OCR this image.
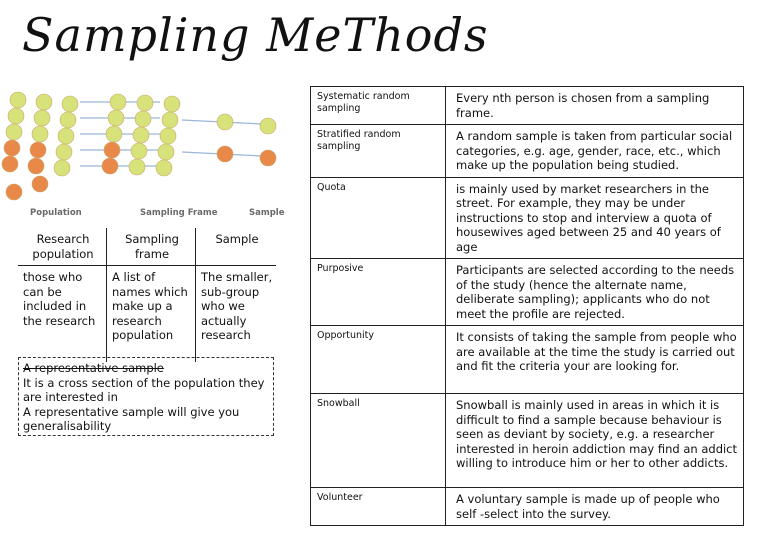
Sampling MeThods
Population	Sampling Frame	Sample
Research population	Sampling frame	Sample
those who can be included in the research	A list of names which make up a research population	The smaller, sub-group who we actually research
A representative sample
It is a cross section of the population they are interested in
A representative sample will give you generalisability
Systematic random sampling	Every nth person is chosen from a sampling frame.
Stratified random sampling	A random sample is taken from particular social categories, e.g. age, gender, race, etc., which make up the population being studied.
Quota	is mainly used by market researchers in the street. For example, they may be under instructions to stop and interview a quota of housewives aged between 25 and 40 years of age
Purposive	Participants are selected according to the needs of the study (hence the alternate name, deliberate sampling); applicants who do not meet the profile are rejected.
Opportunity	It consists of taking the sample from people who are available at the time the study is carried out and fit the criteria your are looking for.
Snowball	Snowball is mainly used in areas in which it is difficult to find a sample because behaviour is seen as deviant by society, e.g. a researcher interested in heroin addiction may find an addict willing to introduce him or her to other addicts.
Volunteer	A voluntary sample is made up of people who self -select into the survey.
